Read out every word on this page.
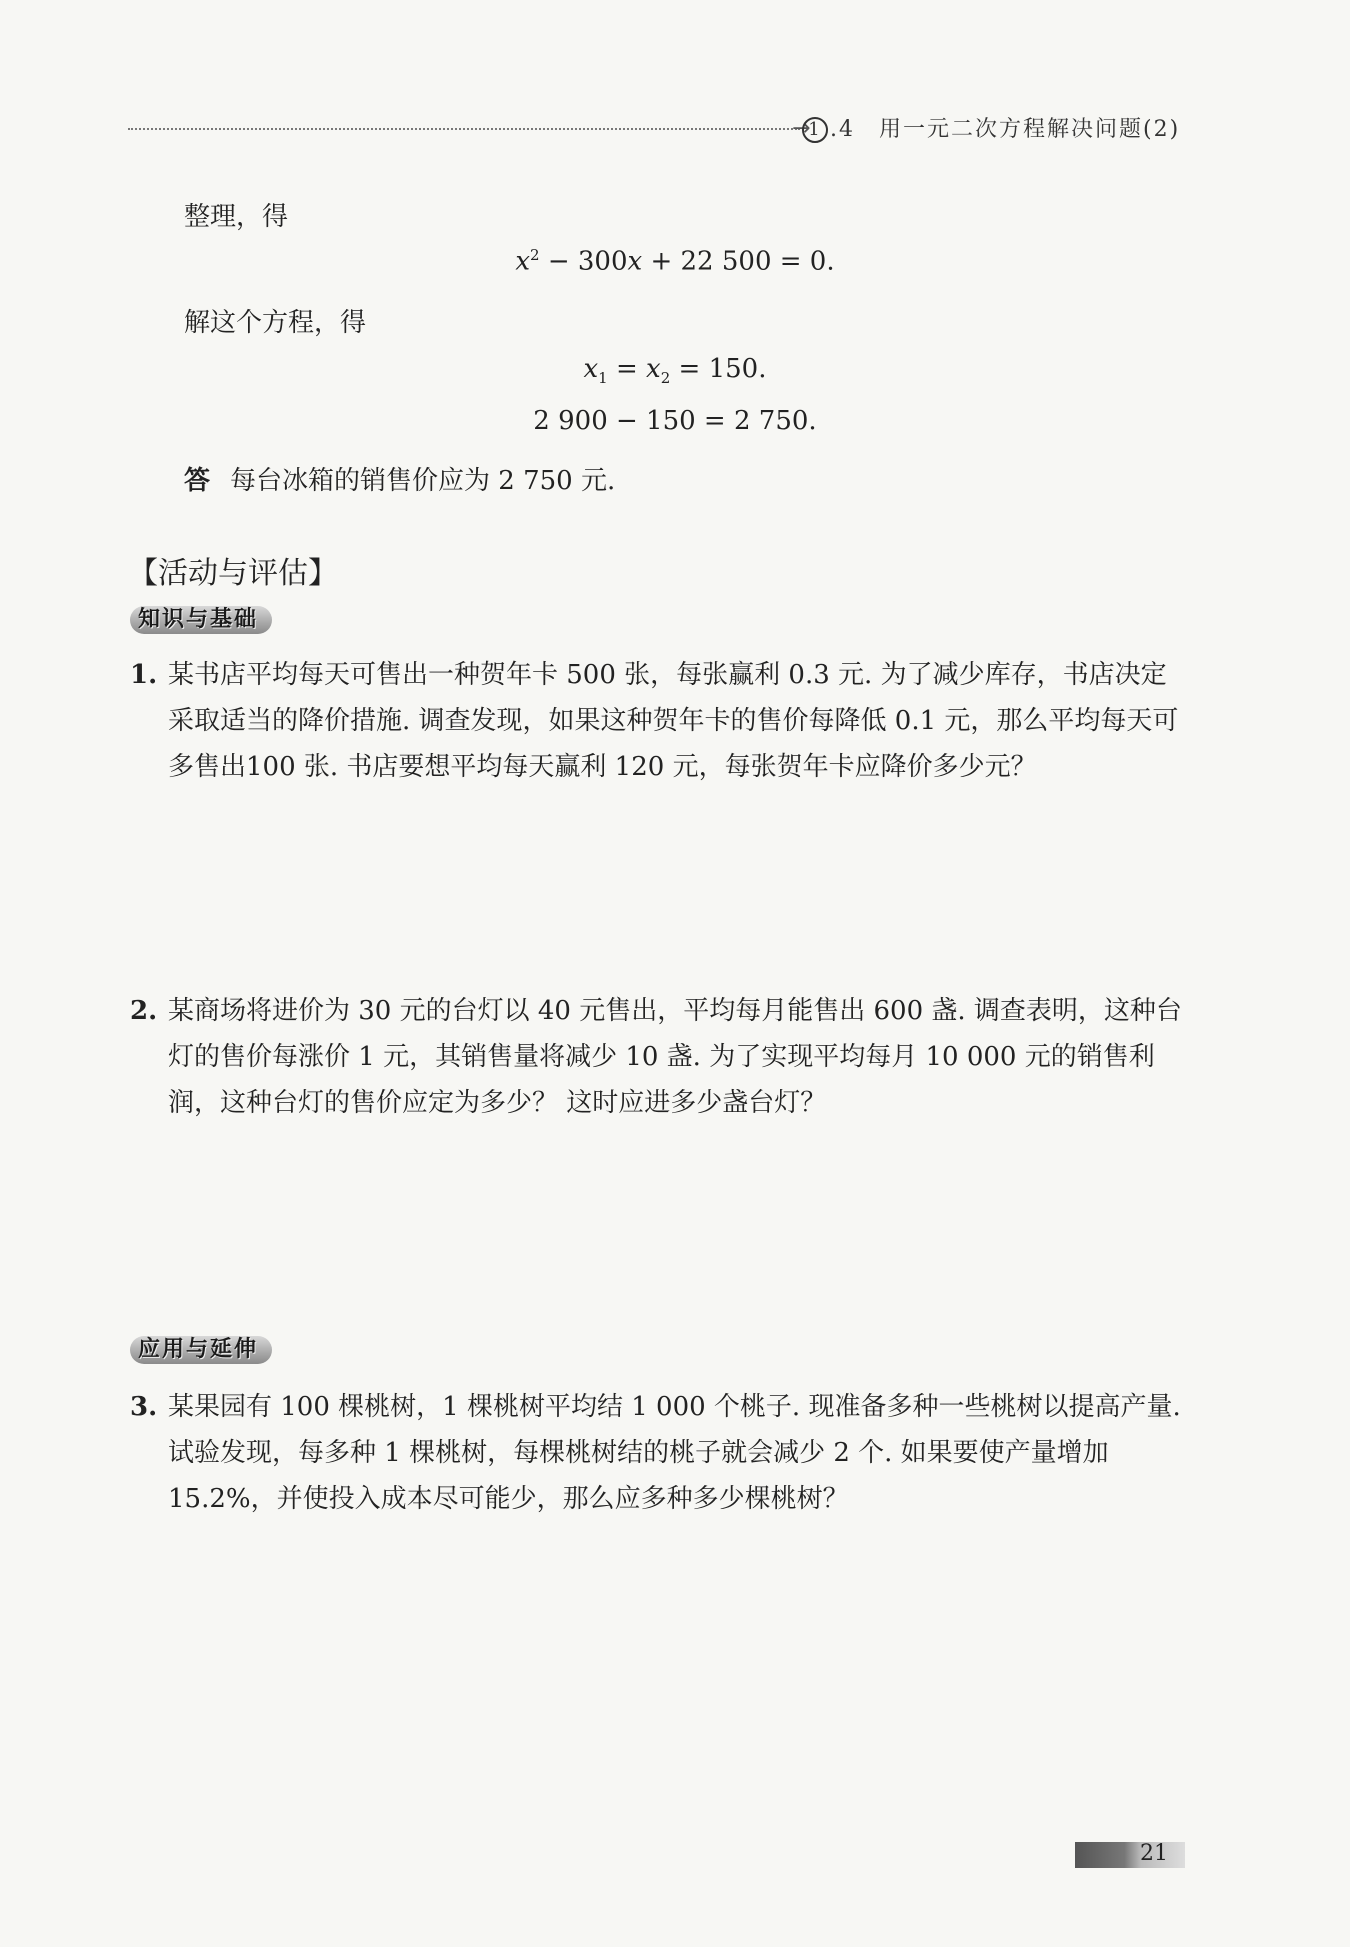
→
1 .4　用一元二次方程解决问题(2)
整理，得
$x^2 - 300x + 22$ 500 = 0.
解这个方程，得
$x_1 = x_2 = 150$.
2 900 − 150 = 2 750.
答 每台冰箱的销售价应为 2 750 元.
【活动与评估】
知识与基础
1. 某书店平均每天可售出一种贺年卡 500 张，每张赢利 0.3 元. 为了减少库存，书店决定采取适当的降价措施. 调查发现，如果这种贺年卡的售价每降低 0.1 元，那么平均每天可多售出100 张. 书店要想平均每天赢利 120 元，每张贺年卡应降价多少元？
2. 某商场将进价为 30 元的台灯以 40 元售出，平均每月能售出 600 盏. 调查表明，这种台灯的售价每涨价 1 元，其销售量将减少 10 盏. 为了实现平均每月 10 000 元的销售利润，这种台灯的售价应定为多少？ 这时应进多少盏台灯？
应用与延伸
3. 某果园有 100 棵桃树，1 棵桃树平均结 1 000 个桃子. 现准备多种一些桃树以提高产量. 试验发现，每多种 1 棵桃树，每棵桃树结的桃子就会减少 2 个. 如果要使产量增加 15.2%，并使投入成本尽可能少，那么应多种多少棵桃树？
21
